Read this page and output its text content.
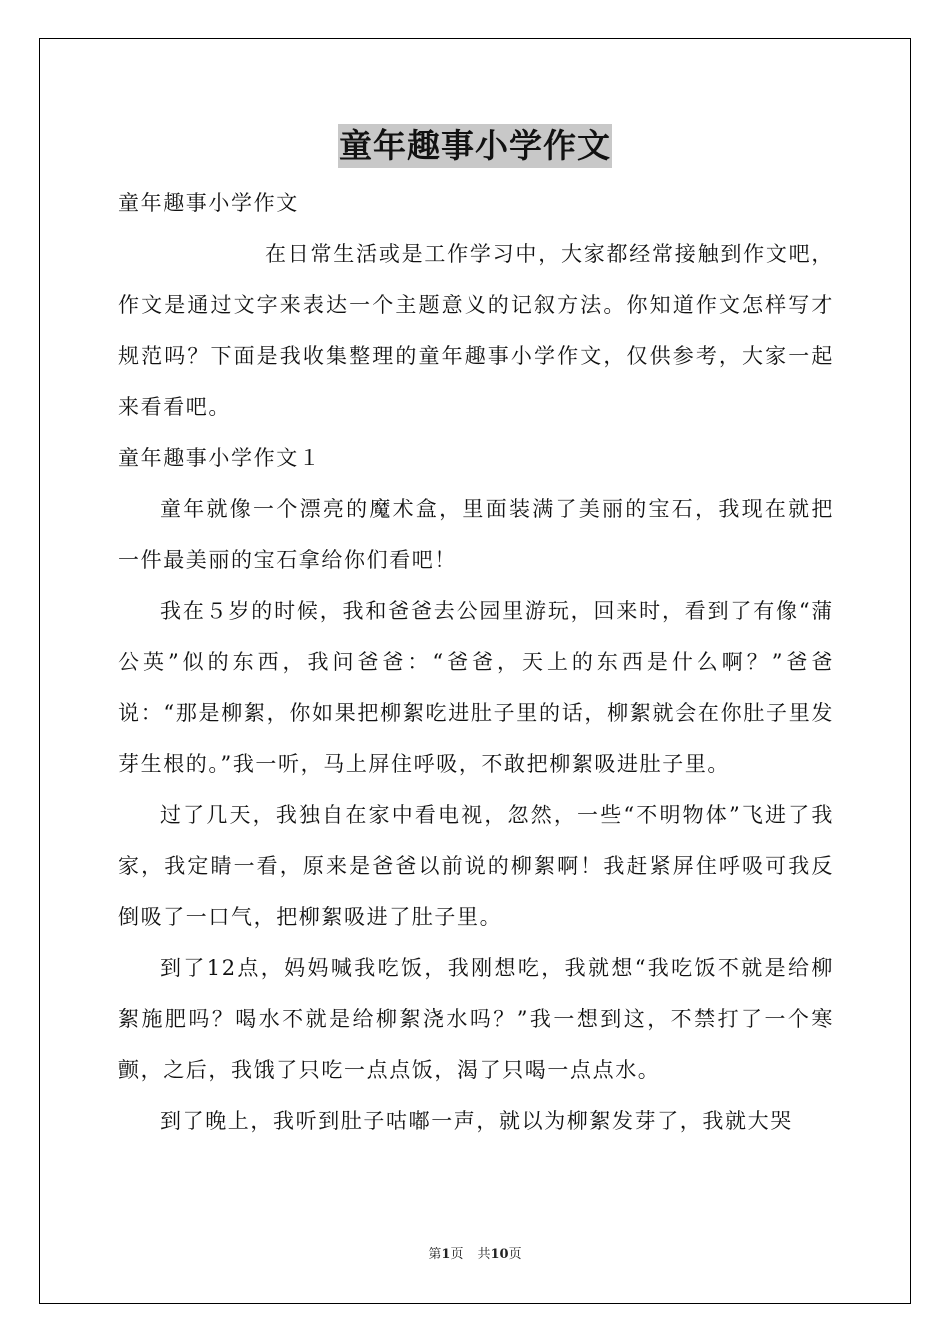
童年趣事小学作文

童年趣事小学作文

在日常生活或是工作学习中，大家都经常接触到作文吧，作文是通过文字来表达一个主题意义的记叙方法。你知道作文怎样写才规范吗？下面是我收集整理的童年趣事小学作文，仅供参考，大家一起来看看吧。

童年趣事小学作文１

童年就像一个漂亮的魔术盒，里面装满了美丽的宝石，我现在就把一件最美丽的宝石拿给你们看吧！

我在５岁的时候，我和爸爸去公园里游玩，回来时，看到了有像“蒲公英”似的东西，我问爸爸：“爸爸，天上的东西是什么啊？”爸爸说：“那是柳絮，你如果把柳絮吃进肚子里的话，柳絮就会在你肚子里发芽生根的。”我一听，马上屏住呼吸，不敢把柳絮吸进肚子里。

过了几天，我独自在家中看电视，忽然，一些“不明物体”飞进了我家，我定睛一看，原来是爸爸以前说的柳絮啊！我赶紧屏住呼吸可我反倒吸了一口气，把柳絮吸进了肚子里。

到了12点，妈妈喊我吃饭，我刚想吃，我就想“我吃饭不就是给柳絮施肥吗？喝水不就是给柳絮浇水吗？”我一想到这，不禁打了一个寒颤，之后，我饿了只吃一点点饭，渴了只喝一点点水。

到了晚上，我听到肚子咕嘟一声，就以为柳絮发芽了，我就大哭

第1页 共10页
